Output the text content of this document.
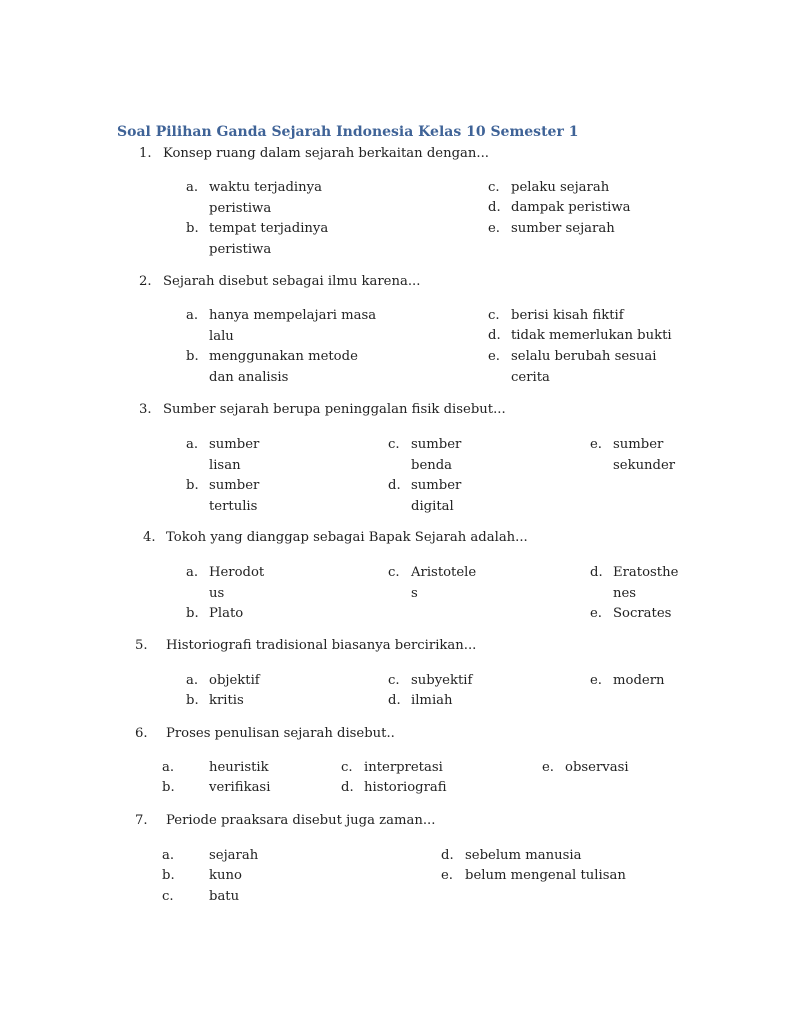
Soal Pilihan Ganda Sejarah Indonesia Kelas 10 Semester 1
1. Konsep ruang dalam sejarah berkaitan dengan...
a. waktu terjadinya peristiwa
b. tempat terjadinya peristiwa
c. pelaku sejarah
d. dampak peristiwa
e. sumber sejarah
2. Sejarah disebut sebagai ilmu karena...
a. hanya mempelajari masa lalu
b. menggunakan metode dan analisis
c. berisi kisah fiktif
d. tidak memerlukan bukti
e. selalu berubah sesuai cerita
3. Sumber sejarah berupa peninggalan fisik disebut...
a. sumber lisan
b. sumber tertulis
c. sumber benda
d. sumber digital
e. sumber sekunder
4. Tokoh yang dianggap sebagai Bapak Sejarah adalah...
a. Herodotus
b. Plato
c. Aristoteles
d. Eratosthenes
e. Socrates
5. Historiografi tradisional biasanya bercirikan...
a. objektif
b. kritis
c. subyektif
d. ilmiah
e. modern
6. Proses penulisan sejarah disebut..
a.	heuristik
b.	verifikasi
c. interpretasi
d. historiografi
e. observasi
7. Periode praaksara disebut juga zaman...
a.	sejarah
b.	kuno
c.	batu
d. sebelum manusia
e. belum mengenal tulisan
